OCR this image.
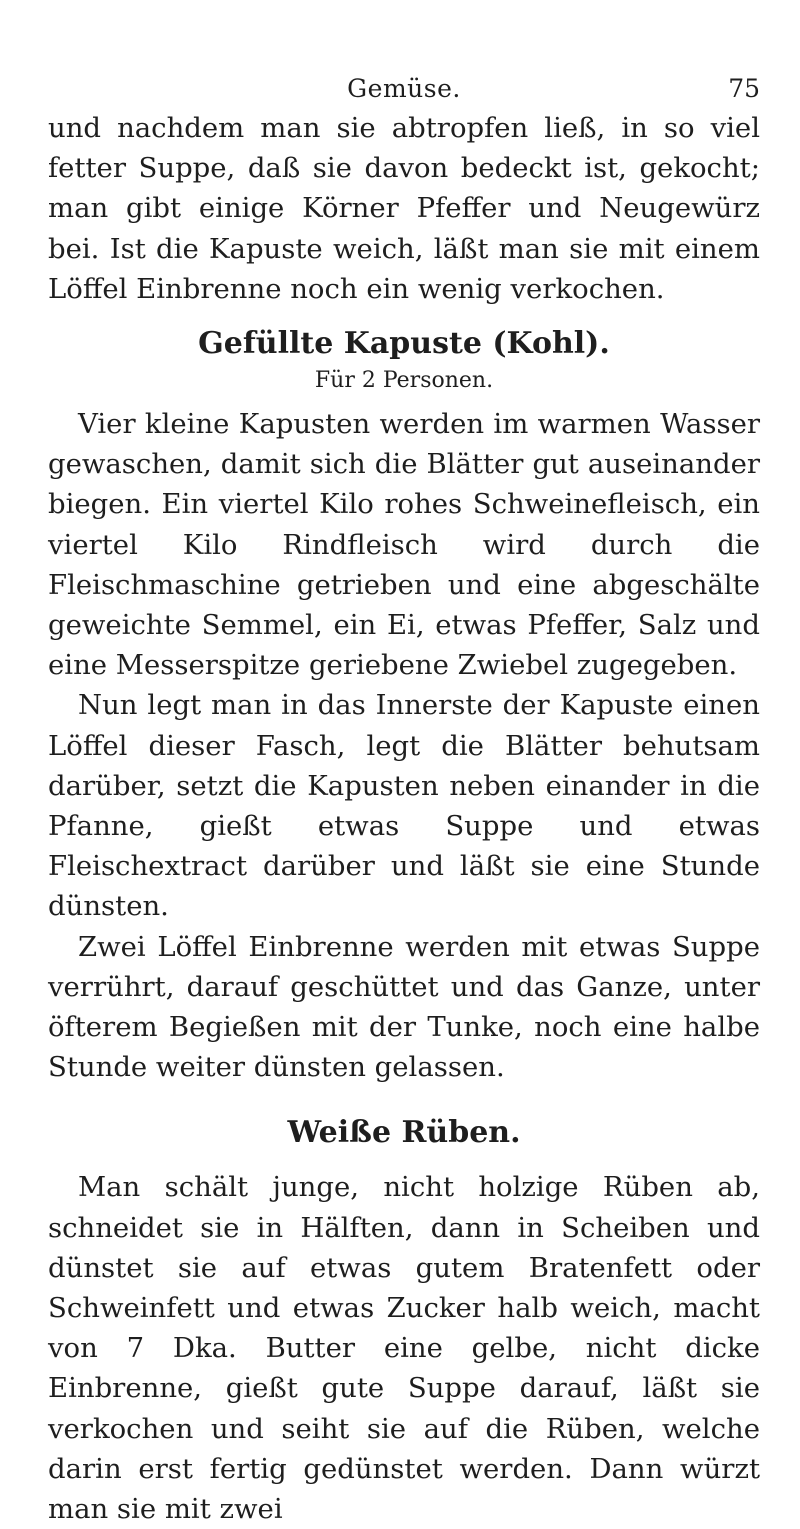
Gemüse.	75

und nachdem man sie abtropfen ließ, in so viel fetter Suppe, daß sie davon bedeckt ist, gekocht; man gibt einige Körner Pfeffer und Neugewürz bei. Ist die Kapuste weich, läßt man sie mit einem Löffel Einbrenne noch ein wenig verkochen.

Gefüllte Kapuste (Kohl).
Für 2 Personen.

Vier kleine Kapusten werden im warmen Wasser gewaschen, damit sich die Blätter gut auseinander biegen. Ein viertel Kilo rohes Schweinefleisch, ein viertel Kilo Rindfleisch wird durch die Fleischmaschine getrieben und eine abgeschälte geweichte Semmel, ein Ei, etwas Pfeffer, Salz und eine Messerspitze geriebene Zwiebel zugegeben.

Nun legt man in das Innerste der Kapuste einen Löffel dieser Fasch, legt die Blätter behutsam darüber, setzt die Kapusten neben einander in die Pfanne, gießt etwas Suppe und etwas Fleischextract darüber und läßt sie eine Stunde dünsten.

Zwei Löffel Einbrenne werden mit etwas Suppe verrührt, darauf geschüttet und das Ganze, unter öfterem Begießen mit der Tunke, noch eine halbe Stunde weiter dünsten gelassen.

Weiße Rüben.

Man schält junge, nicht holzige Rüben ab, schneidet sie in Hälften, dann in Scheiben und dünstet sie auf etwas gutem Bratenfett oder Schweinfett und etwas Zucker halb weich, macht von 7 Dka. Butter eine gelbe, nicht dicke Einbrenne, gießt gute Suppe darauf, läßt sie verkochen und seiht sie auf die Rüben, welche darin erst fertig gedünstet werden. Dann würzt man sie mit zwei
